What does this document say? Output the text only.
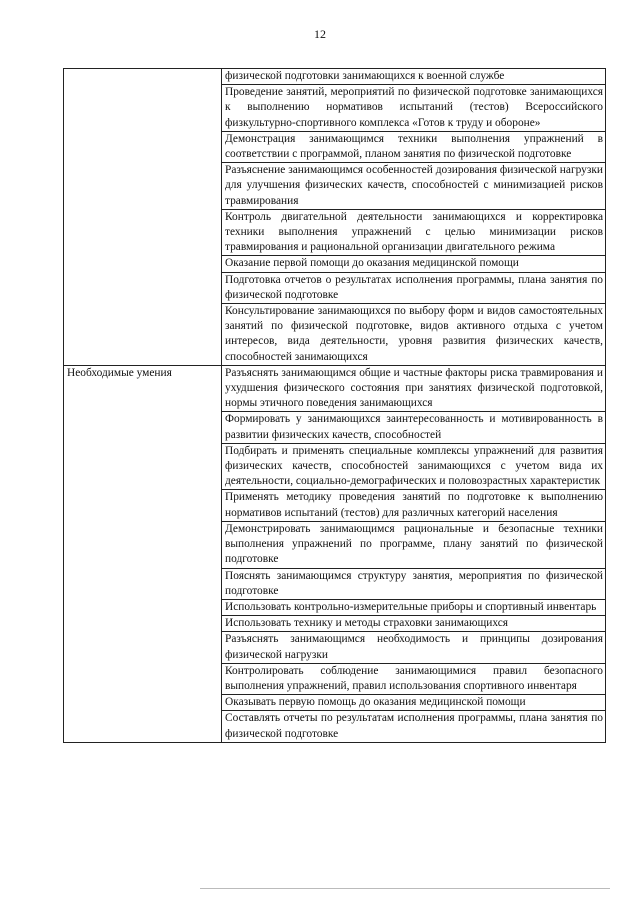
12
	физической подготовки занимающихся к военной службе
	Проведение занятий, мероприятий по физической подготовке занимающихся к выполнению нормативов испытаний (тестов) Всероссийского физкультурно-спортивного комплекса «Готов к труду и обороне»
	Демонстрация занимающимся техники выполнения упражнений в соответствии с программой, планом занятия по физической подготовке
	Разъяснение занимающимся особенностей дозирования физической нагрузки для улучшения физических качеств, способностей с минимизацией рисков травмирования
	Контроль двигательной деятельности занимающихся и корректировка техники выполнения упражнений с целью минимизации рисков травмирования и рациональной организации двигательного режима
	Оказание первой помощи до оказания медицинской помощи
	Подготовка отчетов о результатах исполнения программы, плана занятия по физической подготовке
	Консультирование занимающихся по выбору форм и видов самостоятельных занятий по физической подготовке, видов активного отдыха с учетом интересов, вида деятельности, уровня развития физических качеств, способностей занимающихся
Необходимые умения	Разъяснять занимающимся общие и частные факторы риска травмирования и ухудшения физического состояния при занятиях физической подготовкой, нормы этичного поведения занимающихся
	Формировать у занимающихся заинтересованность и мотивированность в развитии физических качеств, способностей
	Подбирать и применять специальные комплексы упражнений для развития физических качеств, способностей занимающихся с учетом вида их деятельности, социально-демографических и половозрастных характеристик
	Применять методику проведения занятий по подготовке к выполнению нормативов испытаний (тестов) для различных категорий населения
	Демонстрировать занимающимся рациональные и безопасные техники выполнения упражнений по программе, плану занятий по физической подготовке
	Пояснять занимающимся структуру занятия, мероприятия по физической подготовке
	Использовать контрольно-измерительные приборы и спортивный инвентарь
	Использовать технику и методы страховки занимающихся
	Разъяснять занимающимся необходимость и принципы дозирования физической нагрузки
	Контролировать соблюдение занимающимися правил безопасного выполнения упражнений, правил использования спортивного инвентаря
	Оказывать первую помощь до оказания медицинской помощи
	Составлять отчеты по результатам исполнения программы, плана занятия по физической подготовке
